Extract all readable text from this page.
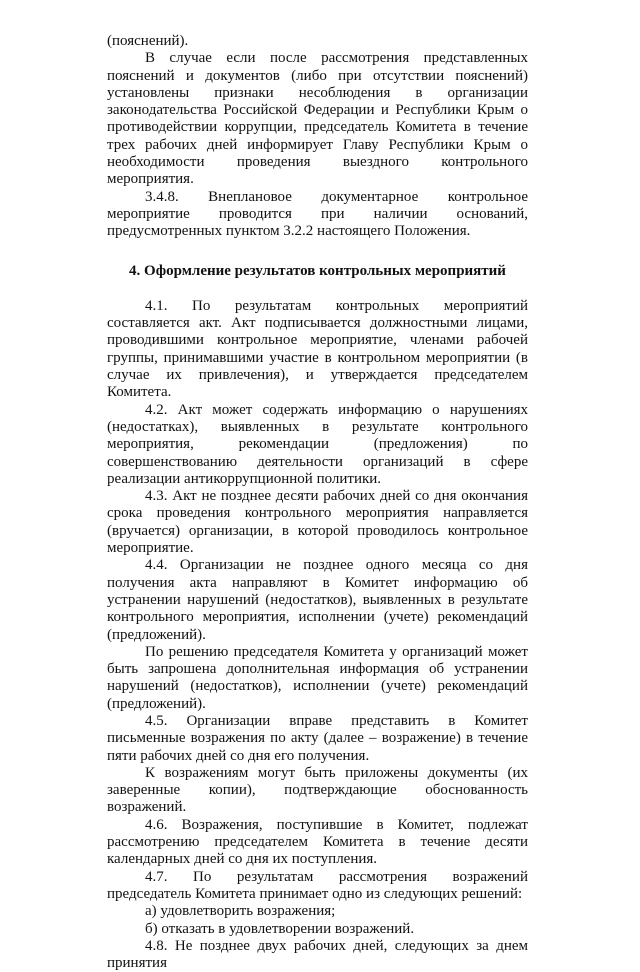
(пояснений).

В случае если после рассмотрения представленных пояснений и документов (либо при отсутствии пояснений) установлены признаки несоблюдения в организации законодательства Российской Федерации и Республики Крым о противодействии коррупции, председатель Комитета в течение трех рабочих дней информирует Главу Республики Крым о необходимости проведения выездного контрольного мероприятия.

3.4.8. Внеплановое документарное контрольное мероприятие проводится при наличии оснований, предусмотренных пунктом 3.2.2 настоящего Положения.

4. Оформление результатов контрольных мероприятий

4.1. По результатам контрольных мероприятий составляется акт. Акт подписывается должностными лицами, проводившими контрольное мероприятие, членами рабочей группы, принимавшими участие в контрольном мероприятии (в случае их привлечения), и утверждается председателем Комитета.

4.2. Акт может содержать информацию о нарушениях (недостатках), выявленных в результате контрольного мероприятия, рекомендации (предложения) по совершенствованию деятельности организаций в сфере реализации антикоррупционной политики.

4.3. Акт не позднее десяти рабочих дней со дня окончания срока проведения контрольного мероприятия направляется (вручается) организации, в которой проводилось контрольное мероприятие.

4.4. Организации не позднее одного месяца со дня получения акта направляют в Комитет информацию об устранении нарушений (недостатков), выявленных в результате контрольного мероприятия, исполнении (учете) рекомендаций (предложений).

По решению председателя Комитета у организаций может быть запрошена дополнительная информация об устранении нарушений (недостатков), исполнении (учете) рекомендаций (предложений).

4.5. Организации вправе представить в Комитет письменные возражения по акту (далее – возражение) в течение пяти рабочих дней со дня его получения.

К возражениям могут быть приложены документы (их заверенные копии), подтверждающие обоснованность возражений.

4.6. Возражения, поступившие в Комитет, подлежат рассмотрению председателем Комитета в течение десяти календарных дней со дня их поступления.

4.7. По результатам рассмотрения возражений председатель Комитета принимает одно из следующих решений:

а) удовлетворить возражения;
б) отказать в удовлетворении возражений.

4.8. Не позднее двух рабочих дней, следующих за днем принятия
